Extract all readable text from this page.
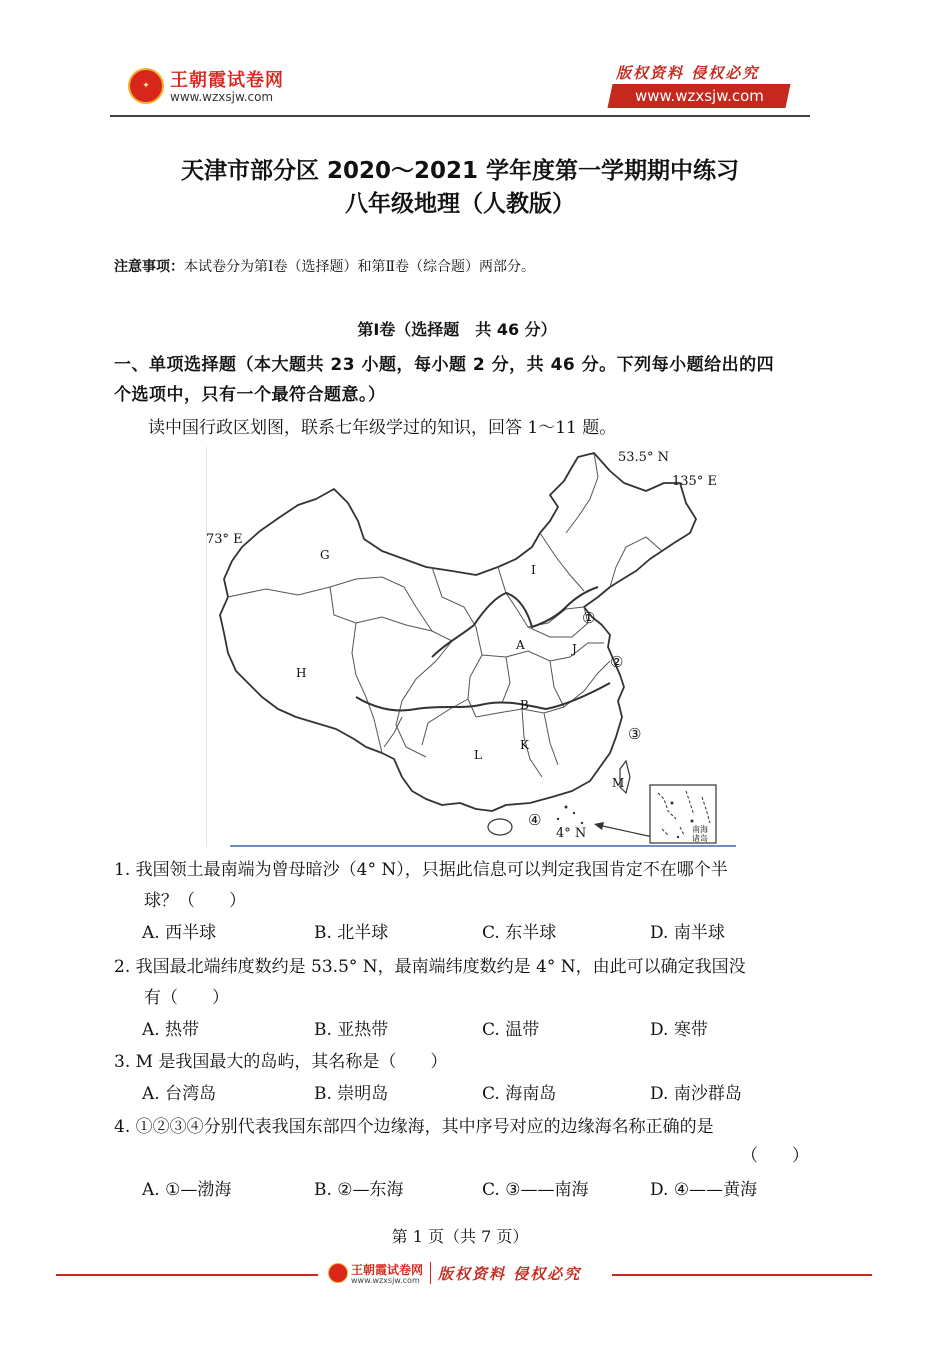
✦	王朝霞试卷网
www.wzxsjw.com
版权资料 侵权必究
www.wzxsjw.com
天津市部分区 2020～2021 学年度第一学期期中练习
八年级地理（人教版）
注意事项：本试卷分为第Ⅰ卷（选择题）和第Ⅱ卷（综合题）两部分。
第Ⅰ卷（选择题　共 46 分）
一、单项选择题（本大题共 23 小题，每小题 2 分，共 46 分。下列每小题给出的四
个选项中，只有一个最符合题意。）
读中国行政区划图，联系七年级学过的知识，回答 1～11 题。
南海
诸岛
53.5° N
135° E
73° E
4° N
G
H
I
A	J
B
L
K
M
①
②
③
④
1. 我国领土最南端为曾母暗沙（4° N），只据此信息可以判定我国肯定不在哪个半
球？（　　）
A. 西半球	B. 北半球	C. 东半球	D. 南半球
2. 我国最北端纬度数约是 53.5° N，最南端纬度数约是 4° N，由此可以确定我国没
有（　　）
A. 热带	B. 亚热带	C. 温带	D. 寒带
3. M 是我国最大的岛屿，其名称是（　　）
A. 台湾岛	B. 崇明岛	C. 海南岛	D. 南沙群岛
4. ①②③④分别代表我国东部四个边缘海，其中序号对应的边缘海名称正确的是
（　　）
A. ①—渤海	B. ②—东海	C. ③——南海	D. ④——黄海
第 1 页（共 7 页）
王朝霞试卷网
www.wzxsjw.com 版权资料 侵权必究
